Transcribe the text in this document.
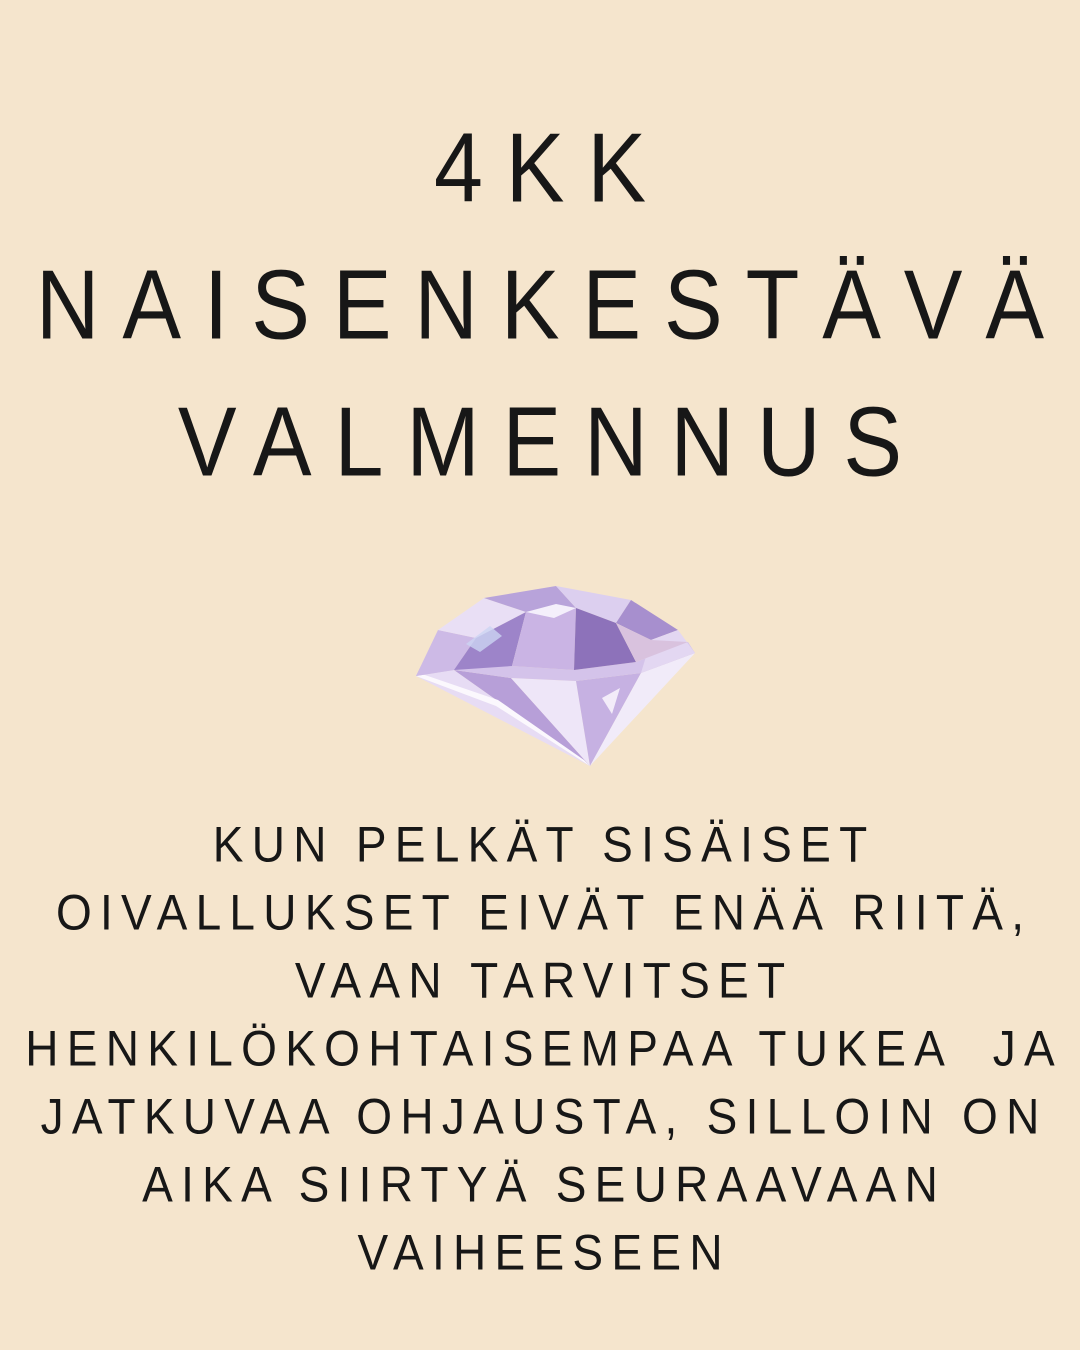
4KK
NAISENKESTÄVÄ
VALMENNUS
KUN PELKÄT SISÄISET
OIVALLUKSET EIVÄT ENÄÄ RIITÄ,
VAAN TARVITSET
HENKILÖKOHTAISEMPAA TUKEA  JA
JATKUVAA OHJAUSTA, SILLOIN ON
AIKA SIIRTYÄ SEURAAVAAN
VAIHEESEEN
